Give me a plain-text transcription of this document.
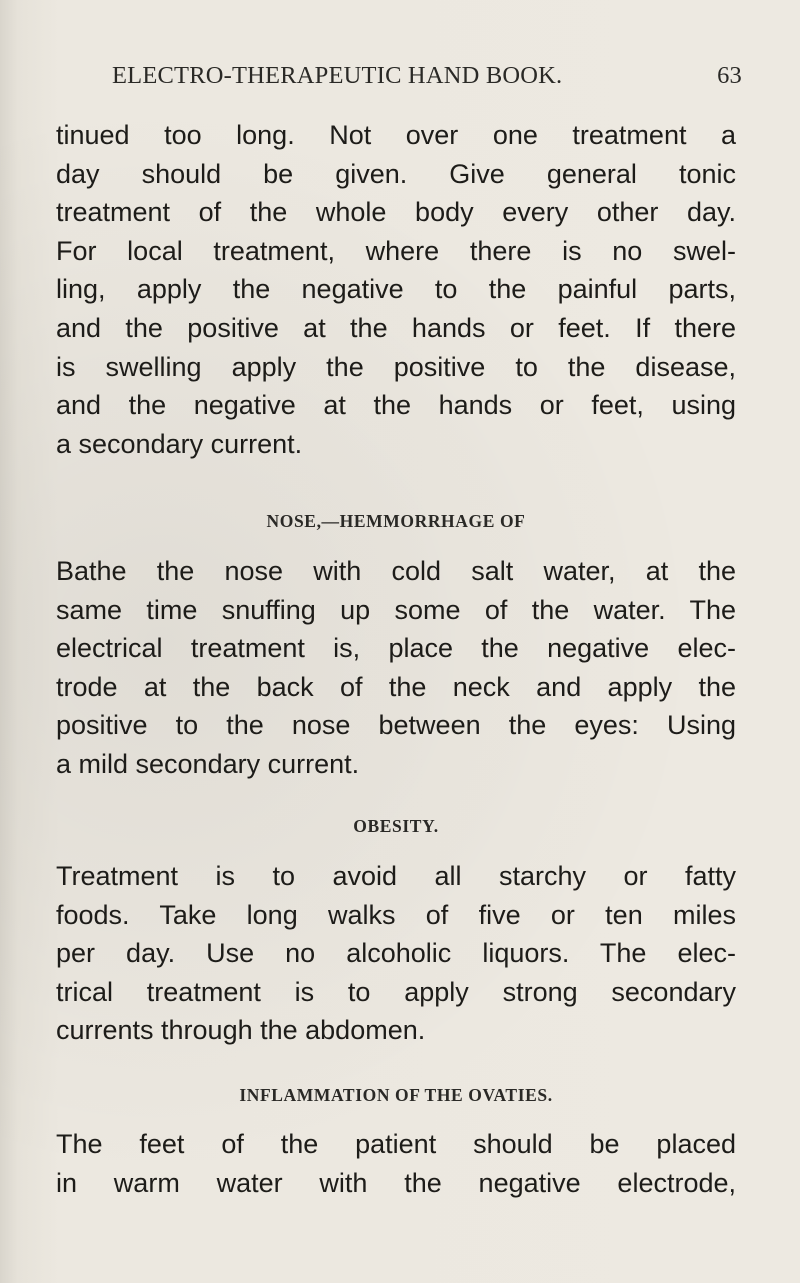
ELECTRO-THERAPEUTIC HAND BOOK.	63
tinued too long. Not over one treatment a
day should be given. Give general tonic
treatment of the whole body every other day.
For local treatment, where there is no swel-
ling, apply the negative to the painful parts,
and the positive at the hands or feet. If there
is swelling apply the positive to the disease,
and the negative at the hands or feet, using
a secondary current.
NOSE,—HEMMORRHAGE OF
Bathe the nose with cold salt water, at the
same time snuffing up some of the water. The
electrical treatment is, place the negative elec-
trode at the back of the neck and apply the
positive to the nose between the eyes: Using
a mild secondary current.
OBESITY.
Treatment is to avoid all starchy or fatty
foods. Take long walks of five or ten miles
per day. Use no alcoholic liquors. The elec-
trical treatment is to apply strong secondary
currents through the abdomen.
INFLAMMATION OF THE OVATIES.
The feet of the patient should be placed
in warm water with the negative electrode,
